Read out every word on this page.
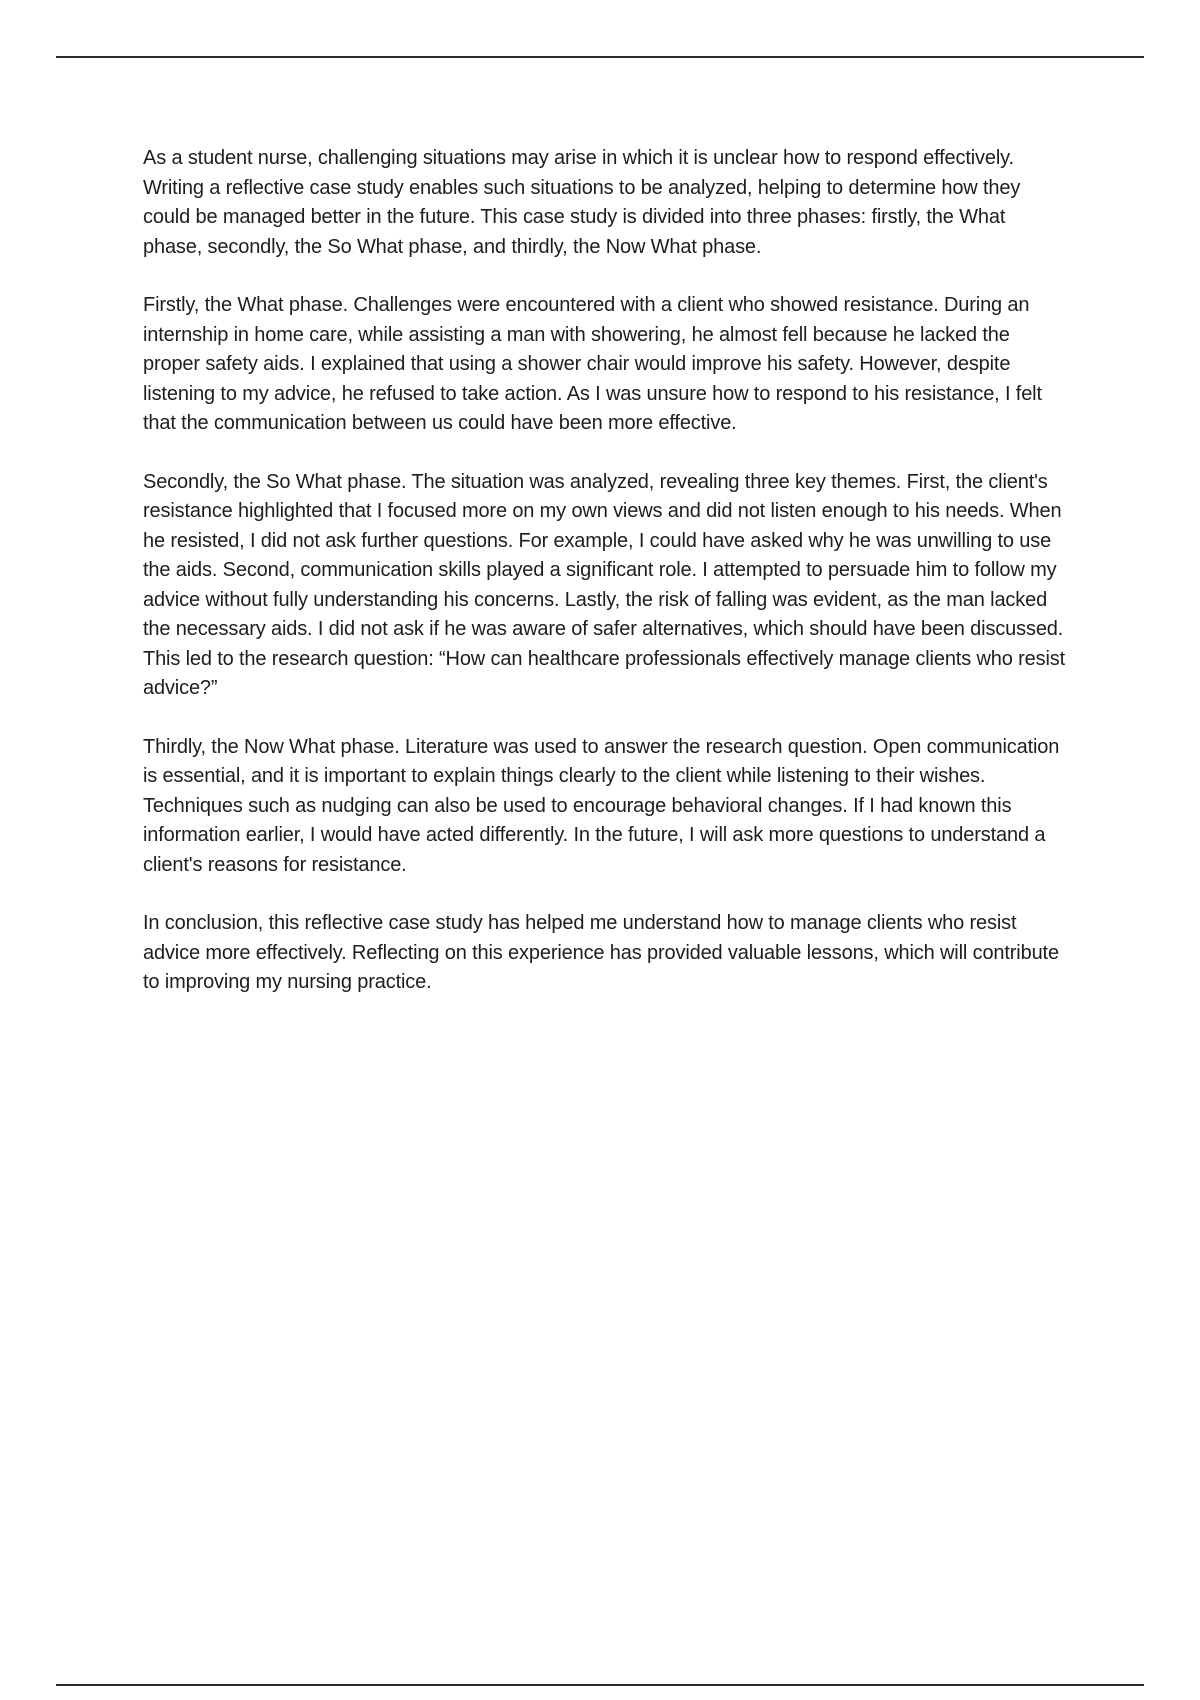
As a student nurse, challenging situations may arise in which it is unclear how to respond effectively. Writing a reflective case study enables such situations to be analyzed, helping to determine how they could be managed better in the future. This case study is divided into three phases: firstly, the What phase, secondly, the So What phase, and thirdly, the Now What phase.

Firstly, the What phase. Challenges were encountered with a client who showed resistance. During an internship in home care, while assisting a man with showering, he almost fell because he lacked the proper safety aids. I explained that using a shower chair would improve his safety. However, despite listening to my advice, he refused to take action. As I was unsure how to respond to his resistance, I felt that the communication between us could have been more effective.

Secondly, the So What phase. The situation was analyzed, revealing three key themes. First, the client's resistance highlighted that I focused more on my own views and did not listen enough to his needs. When he resisted, I did not ask further questions. For example, I could have asked why he was unwilling to use the aids. Second, communication skills played a significant role. I attempted to persuade him to follow my advice without fully understanding his concerns. Lastly, the risk of falling was evident, as the man lacked the necessary aids. I did not ask if he was aware of safer alternatives, which should have been discussed. This led to the research question: “How can healthcare professionals effectively manage clients who resist advice?”

Thirdly, the Now What phase. Literature was used to answer the research question. Open communication is essential, and it is important to explain things clearly to the client while listening to their wishes. Techniques such as nudging can also be used to encourage behavioral changes. If I had known this information earlier, I would have acted differently. In the future, I will ask more questions to understand a client's reasons for resistance.

In conclusion, this reflective case study has helped me understand how to manage clients who resist advice more effectively. Reflecting on this experience has provided valuable lessons, which will contribute to improving my nursing practice.
